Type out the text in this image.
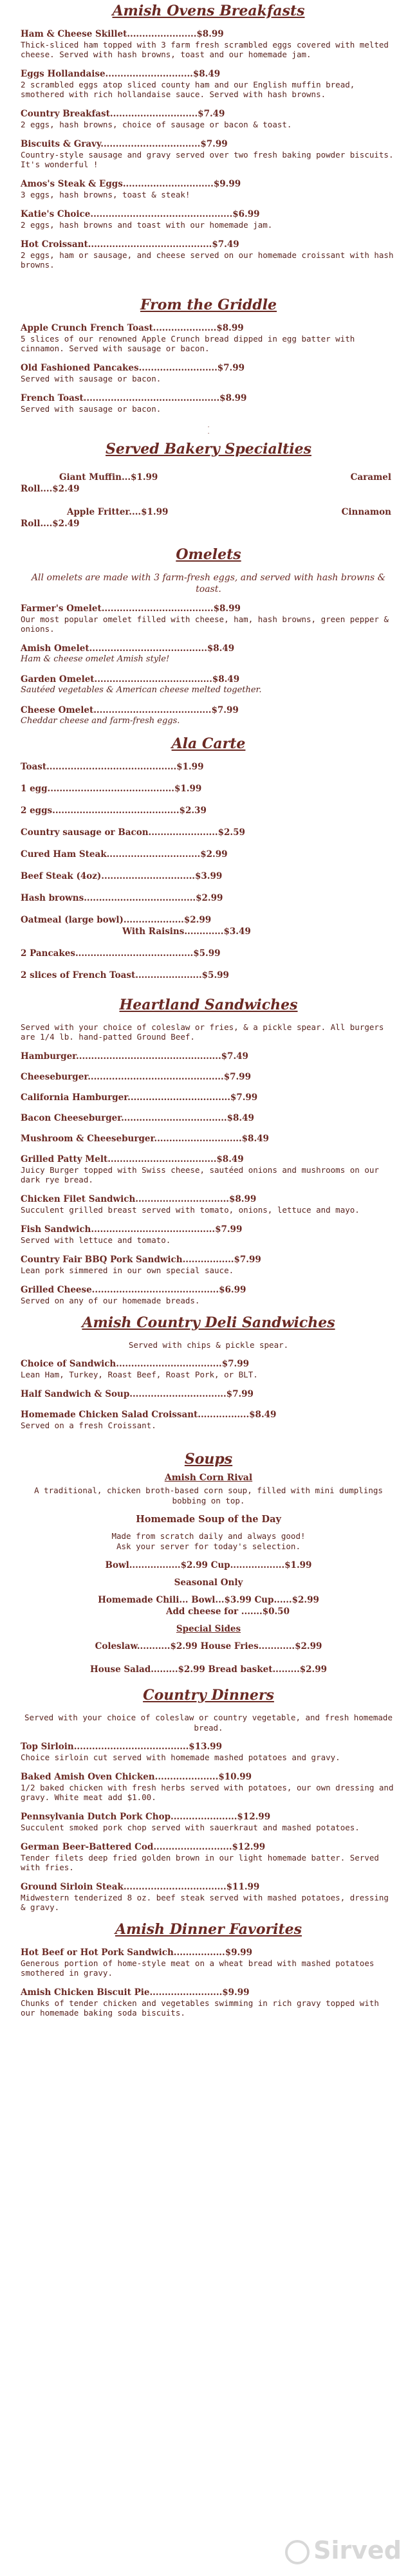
Amish Ovens Breakfasts
Ham & Cheese Skillet.......................$8.99
Thick-sliced ham topped with 3 farm fresh scrambled eggs covered with melted cheese. Served with hash browns, toast and our homemade jam.
Eggs Hollandaise.............................$8.49
2 scrambled eggs atop sliced county ham and our English muffin bread, smothered with rich hollandaise sauce. Served with hash browns.
Country Breakfast.............................$7.49
2 eggs, hash browns, choice of sausage or bacon & toast.
Biscuits & Gravy.................................$7.99
Country-style sausage and gravy served over two fresh baking powder biscuits. It's wonderful !
Amos's Steak & Eggs..............................$9.99
3 eggs, hash browns, toast & steak!
Katie's Choice...............................................$6.99
2 eggs, hash browns and toast with our homemade jam.
Hot Croissant.........................................$7.49
2 eggs, ham or sausage, and cheese served on our homemade croissant with hash browns.
From the Griddle
Apple Crunch French Toast.....................$8.99
5 slices of our renowned Apple Crunch bread dipped in egg batter with cinnamon. Served with sausage or bacon.
Old Fashioned Pancakes..........................$7.99
Served with sausage or bacon.
French Toast.............................................$8.99
Served with sausage or bacon.
.
.
Served Bakery Specialties
Giant Muffin...$1.99	Caramel
Roll....$2.49
Apple Fritter....$1.99	Cinnamon
Roll....$2.49
Omelets
All omelets are made with 3 farm-fresh eggs, and served with hash browns & toast.
Farmer's Omelet.....................................$8.99
Our most popular omelet filled with cheese, ham, hash browns, green pepper & onions.
Amish Omelet.......................................$8.49
Ham & cheese omelet Amish style!
Garden Omelet.......................................$8.49
Sautéed vegetables & American cheese melted together.
Cheese Omelet.......................................$7.99
Cheddar cheese and farm-fresh eggs.
Ala Carte
Toast...........................................$1.99
1 egg..........................................$1.99
2 eggs..........................................$2.39
Country sausage or Bacon.......................$2.59
Cured Ham Steak...............................$2.99
Beef Steak (4oz)...............................$3.99
Hash browns.....................................$2.99
Oatmeal (large bowl)....................$2.99
With Raisins.............$3.49
2 Pancakes.......................................$5.99
2 slices of French Toast......................$5.99
Heartland Sandwiches
Served with your choice of coleslaw or fries, & a pickle spear. All burgers are 1/4 lb. hand-patted Ground Beef.
Hamburger................................................$7.49
Cheeseburger.............................................$7.99
California Hamburger..................................$7.99
Bacon Cheeseburger...................................$8.49
Mushroom & Cheeseburger.............................$8.49
Grilled Patty Melt....................................$8.49
Juicy Burger topped with Swiss cheese, sautéed onions and mushrooms on our dark rye bread.
Chicken Filet Sandwich...............................$8.99
Succulent grilled breast served with tomato, onions, lettuce and mayo.
Fish Sandwich.........................................$7.99
Served with lettuce and tomato.
Country Fair BBQ Pork Sandwich.................$7.99
Lean pork simmered in our own special sauce.
Grilled Cheese..........................................$6.99
Served on any of our homemade breads.
Amish Country Deli Sandwiches
Served with chips & pickle spear.
Choice of Sandwich...................................$7.99
Lean Ham, Turkey, Roast Beef, Roast Pork, or BLT.
Half Sandwich & Soup................................$7.99
Homemade Chicken Salad Croissant.................$8.49
Served on a fresh Croissant.
Soups
Amish Corn Rival
A traditional, chicken broth-based corn soup, filled with mini dumplings bobbing on top.
Homemade Soup of the Day
Made from scratch daily and always good!
Ask your server for today's selection.
Bowl.................$2.99 Cup..................$1.99
Seasonal Only
Homemade Chili... Bowl...$3.99 Cup......$2.99
Add cheese for .......$0.50
Special Sides
Coleslaw...........$2.99 House Fries............$2.99
House Salad.........$2.99 Bread basket.........$2.99
Country Dinners
Served with your choice of coleslaw or country vegetable, and fresh homemade bread.
Top Sirloin......................................$13.99
Choice sirloin cut served with homemade mashed potatoes and gravy.
Baked Amish Oven Chicken.....................$10.99
1/2 baked chicken with fresh herbs served with potatoes, our own dressing and gravy. White meat add $1.00.
Pennsylvania Dutch Pork Chop......................$12.99
Succulent smoked pork chop served with sauerkraut and mashed potatoes.
German Beer-Battered Cod..........................$12.99
Tender filets deep fried golden brown in our light homemade batter. Served with fries.
Ground Sirloin Steak..................................$11.99
Midwestern tenderized 8 oz. beef steak served with mashed potatoes, dressing & gravy.
Amish Dinner Favorites
Hot Beef or Hot Pork Sandwich.................$9.99
Generous portion of home-style meat on a wheat bread with mashed potatoes smothered in gravy.
Amish Chicken Biscuit Pie........................$9.99
Chunks of tender chicken and vegetables swimming in rich gravy topped with our homemade baking soda biscuits.
Sirved
